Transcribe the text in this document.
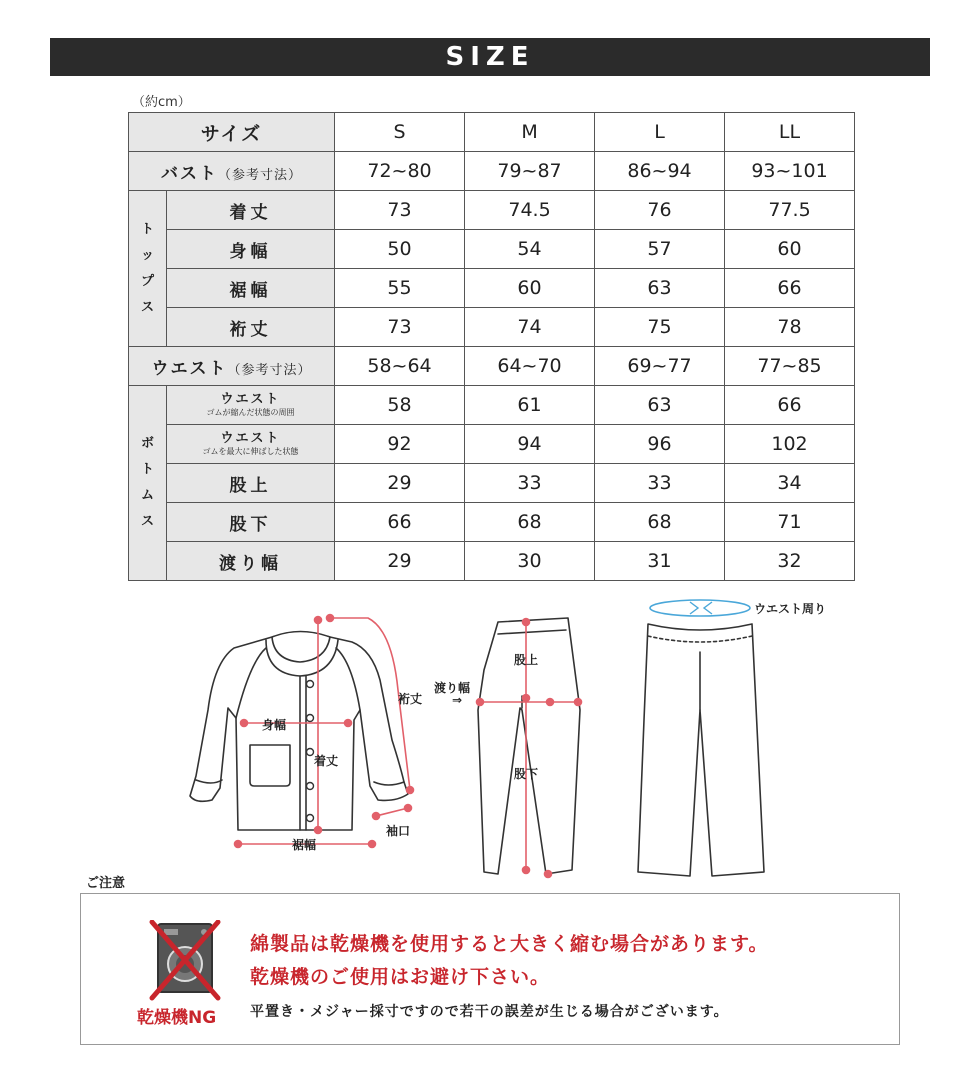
SIZE
（約cm）
サイズ		S	M	L	LL
バスト（参考寸法）		72~80	79~87	86~94	93~101

ト
ッ
プ
ス	着丈	73	74.5	76	77.5
	身幅	50	54	57	60
	裾幅	55	60	63	66
	裄丈	73	74	75	78
ウエスト（参考寸法）		58~64	64~70	69~77	77~85

ボ
ト
ム
ス	ウエスト
ゴムが縮んだ状態の周囲	58	61	63	66

	ウエスト
ゴムを最大に伸ばした状態	92	94	96	102
	股上	29	33	33	34
	股下	66	68	68	71
	渡り幅	29	30	31	32
身幅
着丈
裄丈
袖口
裾幅
渡り幅
⇒
股上
股下
ウエスト周り
ご注意
乾燥機NG
綿製品は乾燥機を使用すると大きく縮む場合があります。
乾燥機のご使用はお避け下さい。
平置き・メジャー採寸ですので若干の誤差が生じる場合がございます。
